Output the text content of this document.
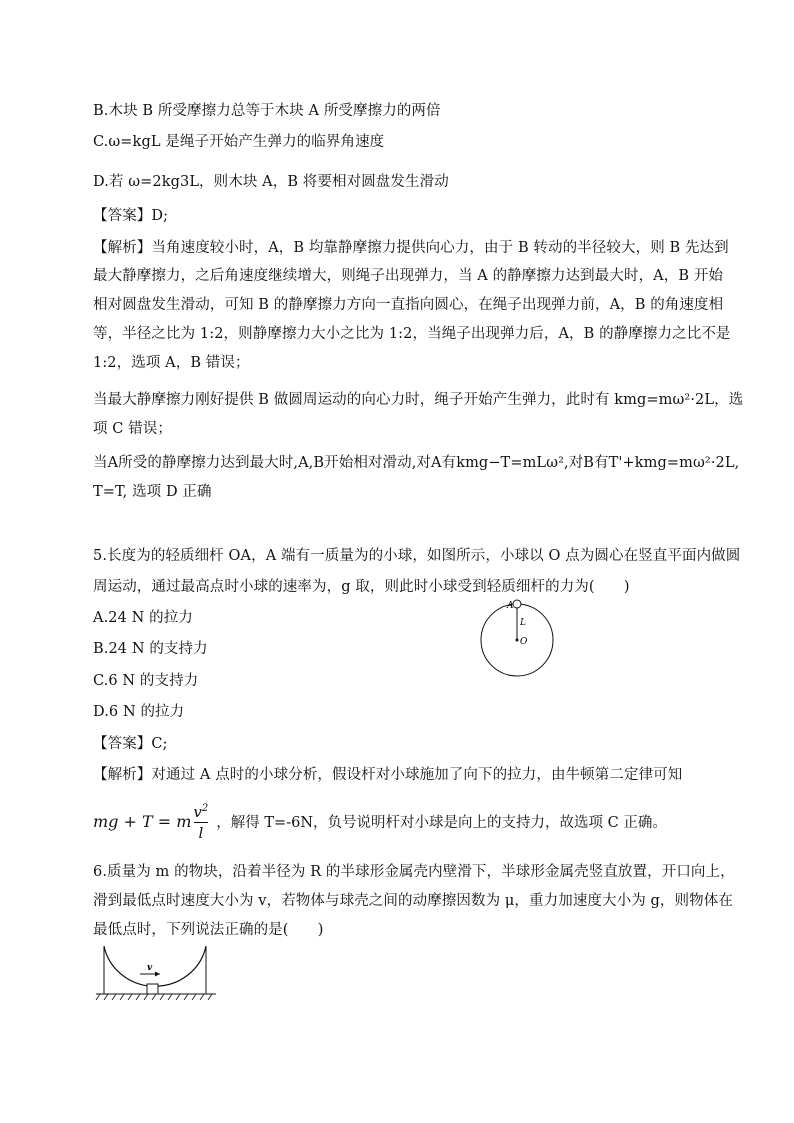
B.木块 B 所受摩擦力总等于木块 A 所受摩擦力的两倍
C.ω=kgL 是绳子开始产生弹力的临界角速度
D.若 ω=2kg3L，则木块 A，B 将要相对圆盘发生滑动
【答案】D;
【解析】当角速度较小时，A，B 均靠静摩擦力提供向心力，由于 B 转动的半径较大，则 B 先达到
最大静摩擦力，之后角速度继续增大，则绳子出现弹力，当 A 的静摩擦力达到最大时，A，B 开始
相对圆盘发生滑动，可知 B 的静摩擦力方向一直指向圆心，在绳子出现弹力前，A，B 的角速度相
等，半径之比为 1:2，则静摩擦力大小之比为 1:2，当绳子出现弹力后，A，B 的静摩擦力之比不是
1:2，选项 A，B 错误；
当最大静摩擦力刚好提供 B 做圆周运动的向心力时，绳子开始产生弹力，此时有 kmg=mω²·2L，选
项 C 错误；
当A所受的静摩擦力达到最大时,A,B开始相对滑动,对A有kmg−T=mLω²,对B有T'+kmg=mω²·2L,
T=T, 选项 D 正确
5.长度为的轻质细杆 OA，A 端有一质量为的小球，如图所示，小球以 O 点为圆心在竖直平面内做圆
周运动，通过最高点时小球的速率为，g 取，则此时小球受到轻质细杆的力为(　　)
A.24 N 的拉力
B.24 N 的支持力
C.6 N 的支持力
D.6 N 的拉力
【答案】C;
【解析】对通过 A 点时的小球分析，假设杆对小球施加了向下的拉力，由牛顿第二定律可知
mg + T = m $\frac{v^2}{l}$ ，解得 T=-6N，负号说明杆对小球是向上的支持力，故选项 C 正确。
6.质量为 m 的物块，沿着半径为 R 的半球形金属壳内壁滑下，半球形金属壳竖直放置，开口向上，
滑到最低点时速度大小为 v，若物体与球壳之间的动摩擦因数为 μ，重力加速度大小为 g，则物体在
最低点时，下列说法正确的是(　　)
A
L
O
v
